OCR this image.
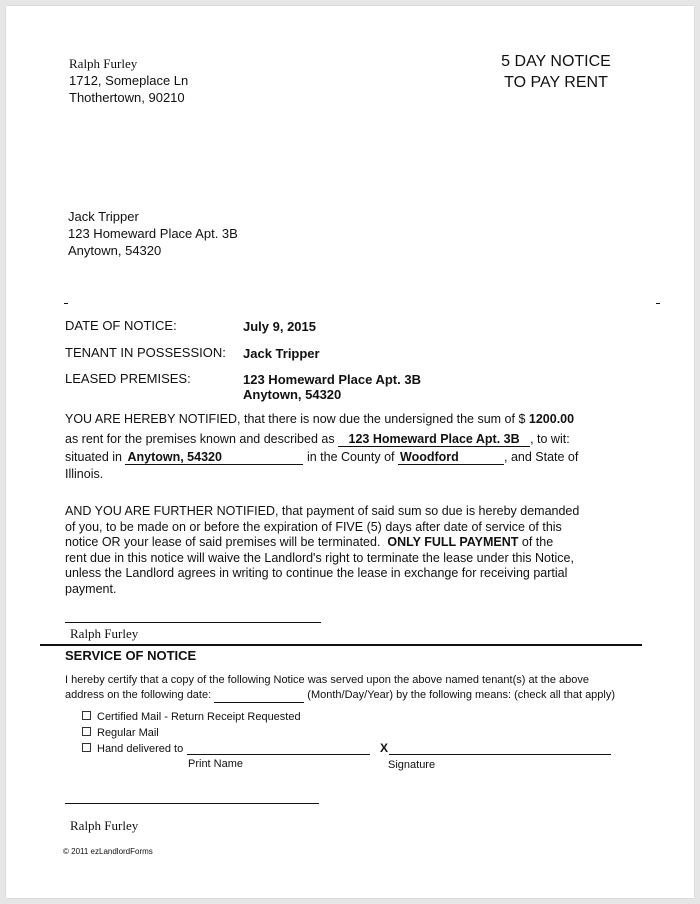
Ralph Furley
1712, Someplace Ln
Thothertown, 90210
5 DAY NOTICE
TO PAY RENT
Jack Tripper
123 Homeward Place Apt. 3B
Anytown, 54320
DATE OF NOTICE:	July 9, 2015
TENANT IN POSSESSION: Jack Tripper
LEASED PREMISES:	123 Homeward Place Apt. 3B
Anytown, 54320
YOU ARE HEREBY NOTIFIED, that there is now due the undersigned the sum of $ 1200.00
as rent for the premises known and described as 123 Homeward Place Apt. 3B , to wit:
situated in Anytown, 54320	in the County of Woodford	, and State of
Illinois.
AND YOU ARE FURTHER NOTIFIED, that payment of said sum so due is hereby demanded
of you, to be made on or before the expiration of FIVE (5) days after date of service of this
notice OR your lease of said premises will be terminated. ONLY FULL PAYMENT of the
rent due in this notice will waive the Landlord's right to terminate the lease under this Notice,
unless the Landlord agrees in writing to continue the lease in exchange for receiving partial
payment.
Ralph Furley
SERVICE OF NOTICE
I hereby certify that a copy of the following Notice was served upon the above named tenant(s) at the above
address on the following date:	(Month/Day/Year) by the following means: (check all that apply)
Certified Mail - Return Receipt Requested
Regular Mail
Hand delivered to	X
Print Name	Signature
Ralph Furley
© 2011 ezLandlordForms
